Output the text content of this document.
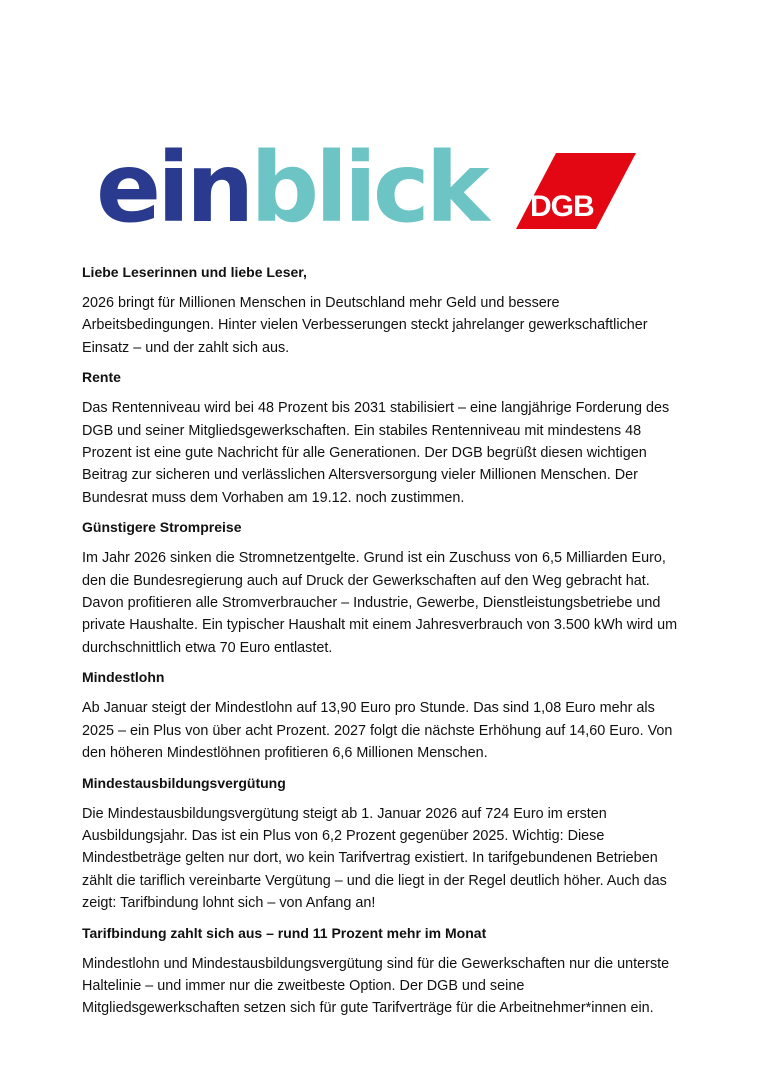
einblick DGB

Liebe Leserinnen und liebe Leser,

2026 bringt für Millionen Menschen in Deutschland mehr Geld und bessere Arbeitsbedingungen. Hinter vielen Verbesserungen steckt jahrelanger gewerkschaftlicher Einsatz – und der zahlt sich aus.

Rente

Das Rentenniveau wird bei 48 Prozent bis 2031 stabilisiert – eine langjährige Forderung des DGB und seiner Mitgliedsgewerkschaften. Ein stabiles Rentenniveau mit mindestens 48 Prozent ist eine gute Nachricht für alle Generationen. Der DGB begrüßt diesen wichtigen Beitrag zur sicheren und verlässlichen Altersversorgung vieler Millionen Menschen. Der Bundesrat muss dem Vorhaben am 19.12. noch zustimmen.

Günstigere Strompreise

Im Jahr 2026 sinken die Stromnetzentgelte. Grund ist ein Zuschuss von 6,5 Milliarden Euro, den die Bundesregierung auch auf Druck der Gewerkschaften auf den Weg gebracht hat. Davon profitieren alle Stromverbraucher – Industrie, Gewerbe, Dienstleistungsbetriebe und private Haushalte. Ein typischer Haushalt mit einem Jahresverbrauch von 3.500 kWh wird um durchschnittlich etwa 70 Euro entlastet.

Mindestlohn

Ab Januar steigt der Mindestlohn auf 13,90 Euro pro Stunde. Das sind 1,08 Euro mehr als 2025 – ein Plus von über acht Prozent. 2027 folgt die nächste Erhöhung auf 14,60 Euro. Von den höheren Mindestlöhnen profitieren 6,6 Millionen Menschen.

Mindestausbildungsvergütung

Die Mindestausbildungsvergütung steigt ab 1. Januar 2026 auf 724 Euro im ersten Ausbildungsjahr. Das ist ein Plus von 6,2 Prozent gegenüber 2025. Wichtig: Diese Mindestbeträge gelten nur dort, wo kein Tarifvertrag existiert. In tarifgebundenen Betrieben zählt die tariflich vereinbarte Vergütung – und die liegt in der Regel deutlich höher. Auch das zeigt: Tarifbindung lohnt sich – von Anfang an!

Tarifbindung zahlt sich aus – rund 11 Prozent mehr im Monat

Mindestlohn und Mindestausbildungsvergütung sind für die Gewerkschaften nur die unterste Haltelinie – und immer nur die zweitbeste Option. Der DGB und seine Mitgliedsgewerkschaften setzen sich für gute Tarifverträge für die Arbeitnehmer*innen ein.
